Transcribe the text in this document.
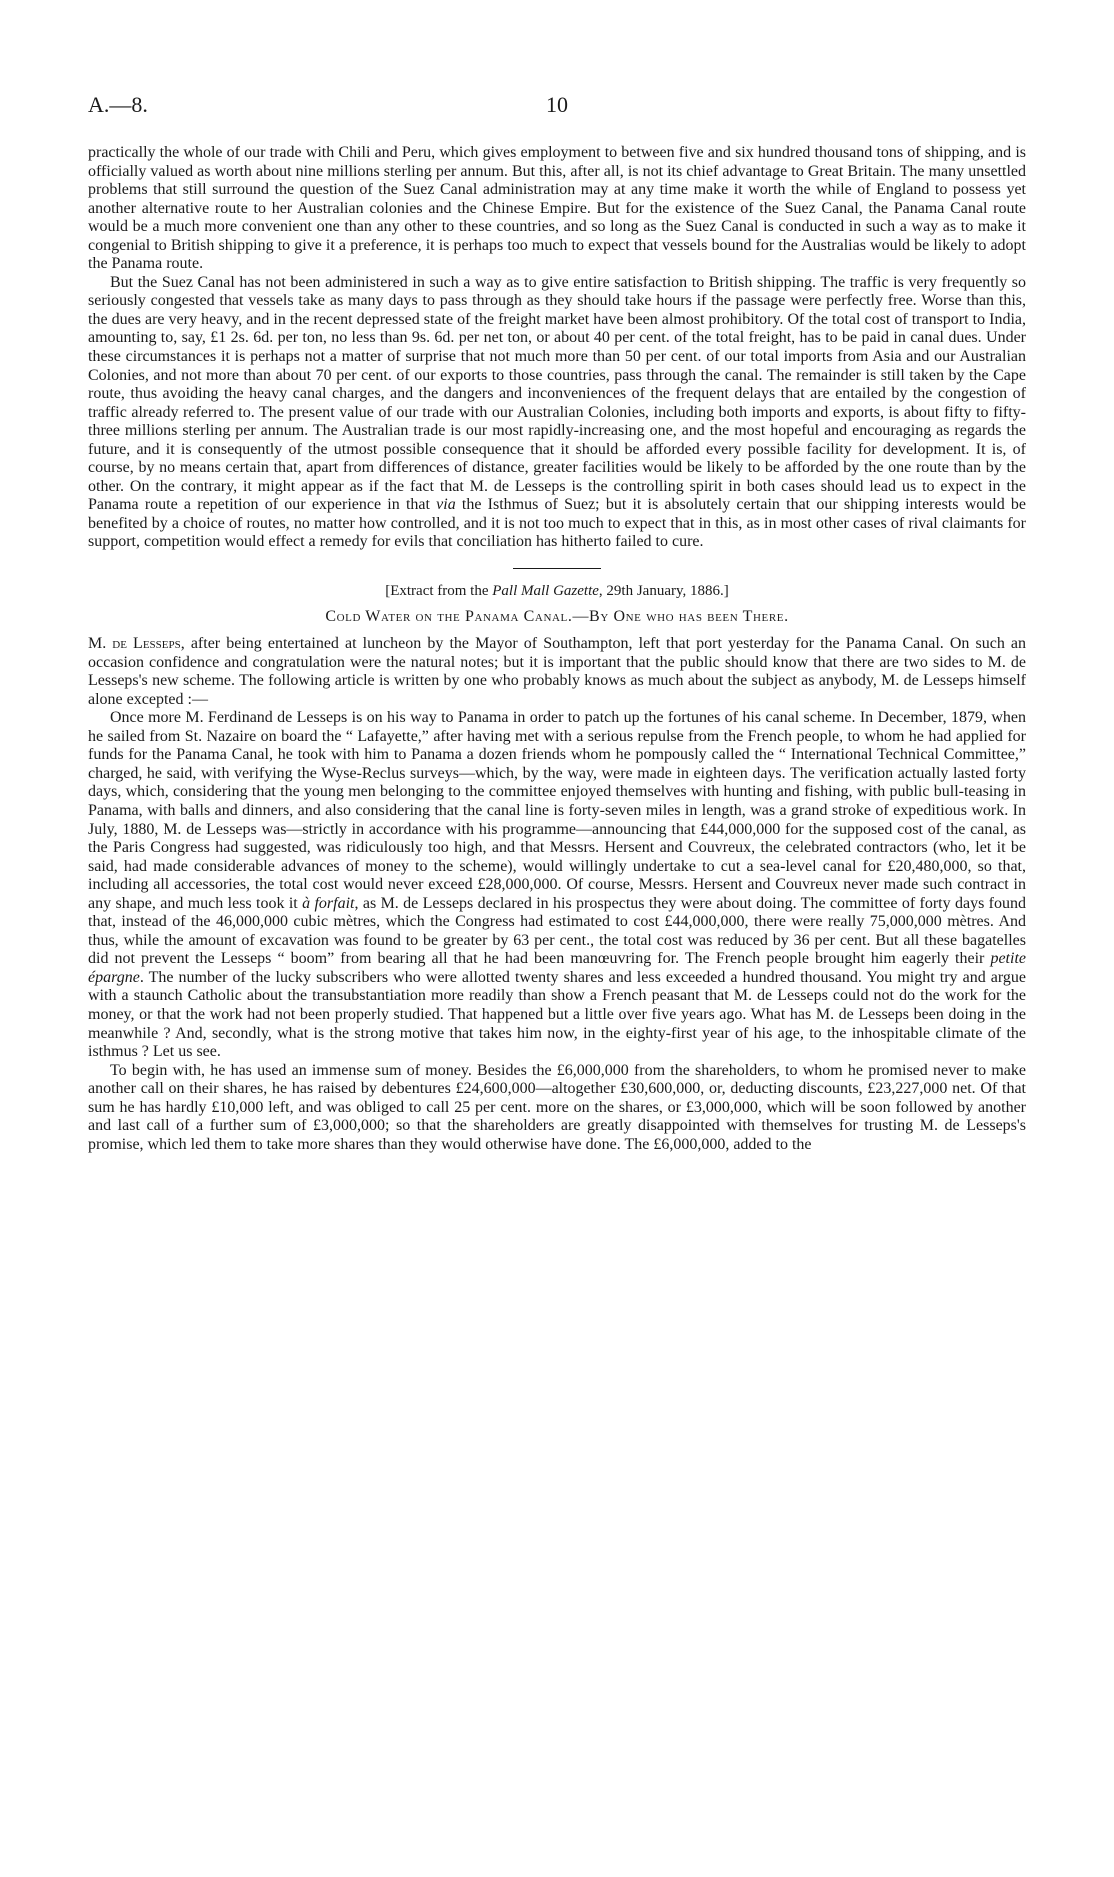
A.—8.	10

practically the whole of our trade with Chili and Peru, which gives employment to between five and six hundred thousand tons of shipping, and is officially valued as worth about nine millions sterling per annum. But this, after all, is not its chief advantage to Great Britain. The many unsettled problems that still surround the question of the Suez Canal administration may at any time make it worth the while of England to possess yet another alternative route to her Australian colonies and the Chinese Empire. But for the existence of the Suez Canal, the Panama Canal route would be a much more convenient one than any other to these countries, and so long as the Suez Canal is conducted in such a way as to make it congenial to British shipping to give it a preference, it is perhaps too much to expect that vessels bound for the Australias would be likely to adopt the Panama route.

But the Suez Canal has not been administered in such a way as to give entire satisfaction to British shipping. The traffic is very frequently so seriously congested that vessels take as many days to pass through as they should take hours if the passage were perfectly free. Worse than this, the dues are very heavy, and in the recent depressed state of the freight market have been almost prohibitory. Of the total cost of transport to India, amounting to, say, £1 2s. 6d. per ton, no less than 9s. 6d. per net ton, or about 40 per cent. of the total freight, has to be paid in canal dues. Under these circumstances it is perhaps not a matter of surprise that not much more than 50 per cent. of our total imports from Asia and our Australian Colonies, and not more than about 70 per cent. of our exports to those countries, pass through the canal. The remainder is still taken by the Cape route, thus avoiding the heavy canal charges, and the dangers and inconveniences of the frequent delays that are entailed by the congestion of traffic already referred to. The present value of our trade with our Australian Colonies, including both imports and exports, is about fifty to fifty-three millions sterling per annum. The Australian trade is our most rapidly-increasing one, and the most hopeful and encouraging as regards the future, and it is consequently of the utmost possible consequence that it should be afforded every possible facility for development. It is, of course, by no means certain that, apart from differences of distance, greater facilities would be likely to be afforded by the one route than by the other. On the contrary, it might appear as if the fact that M. de Lesseps is the controlling spirit in both cases should lead us to expect in the Panama route a repetition of our experience in that via the Isthmus of Suez; but it is absolutely certain that our shipping interests would be benefited by a choice of routes, no matter how controlled, and it is not too much to expect that in this, as in most other cases of rival claimants for support, competition would effect a remedy for evils that conciliation has hitherto failed to cure.

[Extract from the Pall Mall Gazette, 29th January, 1886.]
Cold Water on the Panama Canal.—By One who has been There.

M. de Lesseps, after being entertained at luncheon by the Mayor of Southampton, left that port yesterday for the Panama Canal. On such an occasion confidence and congratulation were the natural notes; but it is important that the public should know that there are two sides to M. de Lesseps's new scheme. The following article is written by one who probably knows as much about the subject as anybody, M. de Lesseps himself alone excepted :—

Once more M. Ferdinand de Lesseps is on his way to Panama in order to patch up the fortunes of his canal scheme. In December, 1879, when he sailed from St. Nazaire on board the “ Lafayette,” after having met with a serious repulse from the French people, to whom he had applied for funds for the Panama Canal, he took with him to Panama a dozen friends whom he pompously called the “ International Technical Committee,” charged, he said, with verifying the Wyse-Reclus surveys—which, by the way, were made in eighteen days. The verification actually lasted forty days, which, considering that the young men belonging to the committee enjoyed themselves with hunting and fishing, with public bull-teasing in Panama, with balls and dinners, and also considering that the canal line is forty-seven miles in length, was a grand stroke of expeditious work. In July, 1880, M. de Lesseps was—strictly in accordance with his programme—announcing that £44,000,000 for the supposed cost of the canal, as the Paris Congress had suggested, was ridiculously too high, and that Messrs. Hersent and Couvreux, the celebrated contractors (who, let it be said, had made considerable advances of money to the scheme), would willingly undertake to cut a sea-level canal for £20,480,000, so that, including all accessories, the total cost would never exceed £28,000,000. Of course, Messrs. Hersent and Couvreux never made such contract in any shape, and much less took it à forfait, as M. de Lesseps declared in his prospectus they were about doing. The committee of forty days found that, instead of the 46,000,000 cubic mètres, which the Congress had estimated to cost £44,000,000, there were really 75,000,000 mètres. And thus, while the amount of excavation was found to be greater by 63 per cent., the total cost was reduced by 36 per cent. But all these bagatelles did not prevent the Lesseps “ boom” from bearing all that he had been manœuvring for. The French people brought him eagerly their petite épargne. The number of the lucky subscribers who were allotted twenty shares and less exceeded a hundred thousand. You might try and argue with a staunch Catholic about the transubstantiation more readily than show a French peasant that M. de Lesseps could not do the work for the money, or that the work had not been properly studied. That happened but a little over five years ago. What has M. de Lesseps been doing in the meanwhile ? And, secondly, what is the strong motive that takes him now, in the eighty-first year of his age, to the inhospitable climate of the isthmus ? Let us see.

To begin with, he has used an immense sum of money. Besides the £6,000,000 from the shareholders, to whom he promised never to make another call on their shares, he has raised by debentures £24,600,000—altogether £30,600,000, or, deducting discounts, £23,227,000 net. Of that sum he has hardly £10,000 left, and was obliged to call 25 per cent. more on the shares, or £3,000,000, which will be soon followed by another and last call of a further sum of £3,000,000; so that the shareholders are greatly disappointed with themselves for trusting M. de Lesseps's promise, which led them to take more shares than they would otherwise have done. The £6,000,000, added to the
